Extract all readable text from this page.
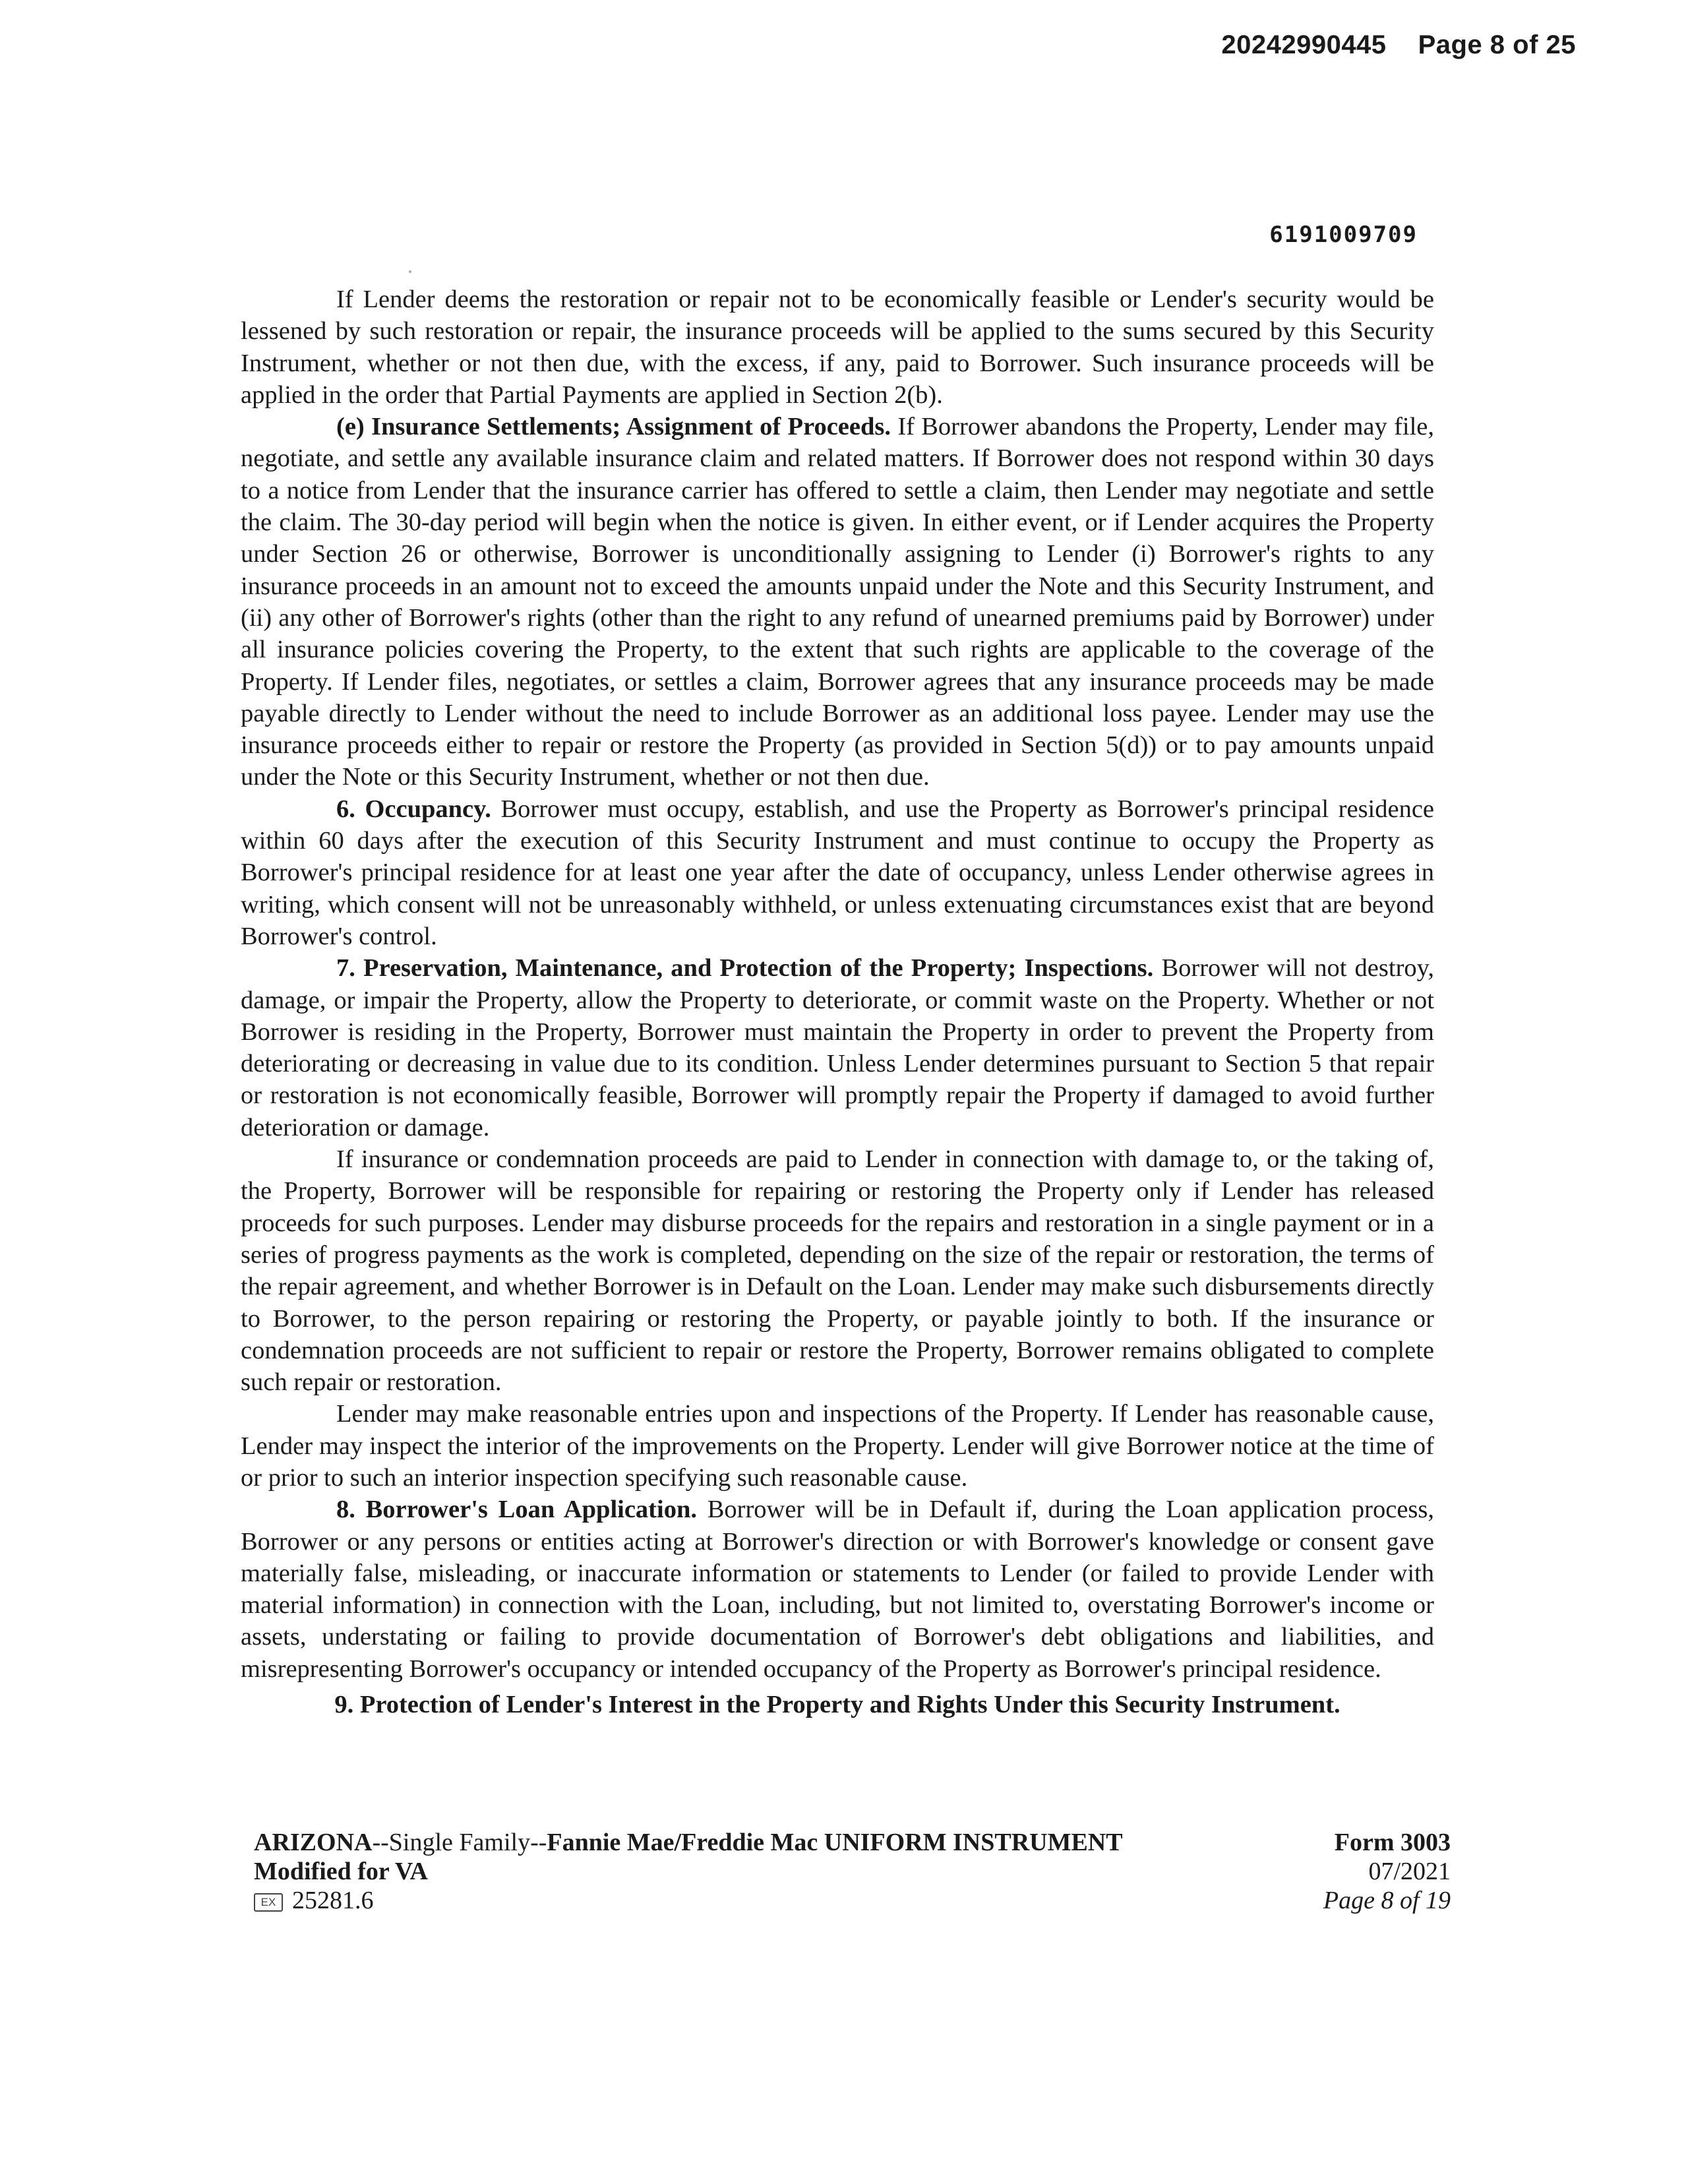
20242990445 Page 8 of 25
6191009709

If Lender deems the restoration or repair not to be economically feasible or Lender's security would be lessened by such restoration or repair, the insurance proceeds will be applied to the sums secured by this Security Instrument, whether or not then due, with the excess, if any, paid to Borrower. Such insurance proceeds will be applied in the order that Partial Payments are applied in Section 2(b).

(e) Insurance Settlements; Assignment of Proceeds. If Borrower abandons the Property, Lender may file, negotiate, and settle any available insurance claim and related matters. If Borrower does not respond within 30 days to a notice from Lender that the insurance carrier has offered to settle a claim, then Lender may negotiate and settle the claim. The 30-day period will begin when the notice is given. In either event, or if Lender acquires the Property under Section 26 or otherwise, Borrower is unconditionally assigning to Lender (i) Borrower's rights to any insurance proceeds in an amount not to exceed the amounts unpaid under the Note and this Security Instrument, and (ii) any other of Borrower's rights (other than the right to any refund of unearned premiums paid by Borrower) under all insurance policies covering the Property, to the extent that such rights are applicable to the coverage of the Property. If Lender files, negotiates, or settles a claim, Borrower agrees that any insurance proceeds may be made payable directly to Lender without the need to include Borrower as an additional loss payee. Lender may use the insurance proceeds either to repair or restore the Property (as provided in Section 5(d)) or to pay amounts unpaid under the Note or this Security Instrument, whether or not then due.

6. Occupancy. Borrower must occupy, establish, and use the Property as Borrower's principal residence within 60 days after the execution of this Security Instrument and must continue to occupy the Property as Borrower's principal residence for at least one year after the date of occupancy, unless Lender otherwise agrees in writing, which consent will not be unreasonably withheld, or unless extenuating circumstances exist that are beyond Borrower's control.

7. Preservation, Maintenance, and Protection of the Property; Inspections. Borrower will not destroy, damage, or impair the Property, allow the Property to deteriorate, or commit waste on the Property. Whether or not Borrower is residing in the Property, Borrower must maintain the Property in order to prevent the Property from deteriorating or decreasing in value due to its condition. Unless Lender determines pursuant to Section 5 that repair or restoration is not economically feasible, Borrower will promptly repair the Property if damaged to avoid further deterioration or damage.

If insurance or condemnation proceeds are paid to Lender in connection with damage to, or the taking of, the Property, Borrower will be responsible for repairing or restoring the Property only if Lender has released proceeds for such purposes. Lender may disburse proceeds for the repairs and restoration in a single payment or in a series of progress payments as the work is completed, depending on the size of the repair or restoration, the terms of the repair agreement, and whether Borrower is in Default on the Loan. Lender may make such disbursements directly to Borrower, to the person repairing or restoring the Property, or payable jointly to both. If the insurance or condemnation proceeds are not sufficient to repair or restore the Property, Borrower remains obligated to complete such repair or restoration.

Lender may make reasonable entries upon and inspections of the Property. If Lender has reasonable cause, Lender may inspect the interior of the improvements on the Property. Lender will give Borrower notice at the time of or prior to such an interior inspection specifying such reasonable cause.

8. Borrower's Loan Application. Borrower will be in Default if, during the Loan application process, Borrower or any persons or entities acting at Borrower's direction or with Borrower's knowledge or consent gave materially false, misleading, or inaccurate information or statements to Lender (or failed to provide Lender with material information) in connection with the Loan, including, but not limited to, overstating Borrower's income or assets, understating or failing to provide documentation of Borrower's debt obligations and liabilities, and misrepresenting Borrower's occupancy or intended occupancy of the Property as Borrower's principal residence.

9. Protection of Lender's Interest in the Property and Rights Under this Security Instrument.

ARIZONA--Single Family--Fannie Mae/Freddie Mac UNIFORM INSTRUMENT
Modified for VA
EX 25281.6
Form 3003
07/2021
Page 8 of 19
